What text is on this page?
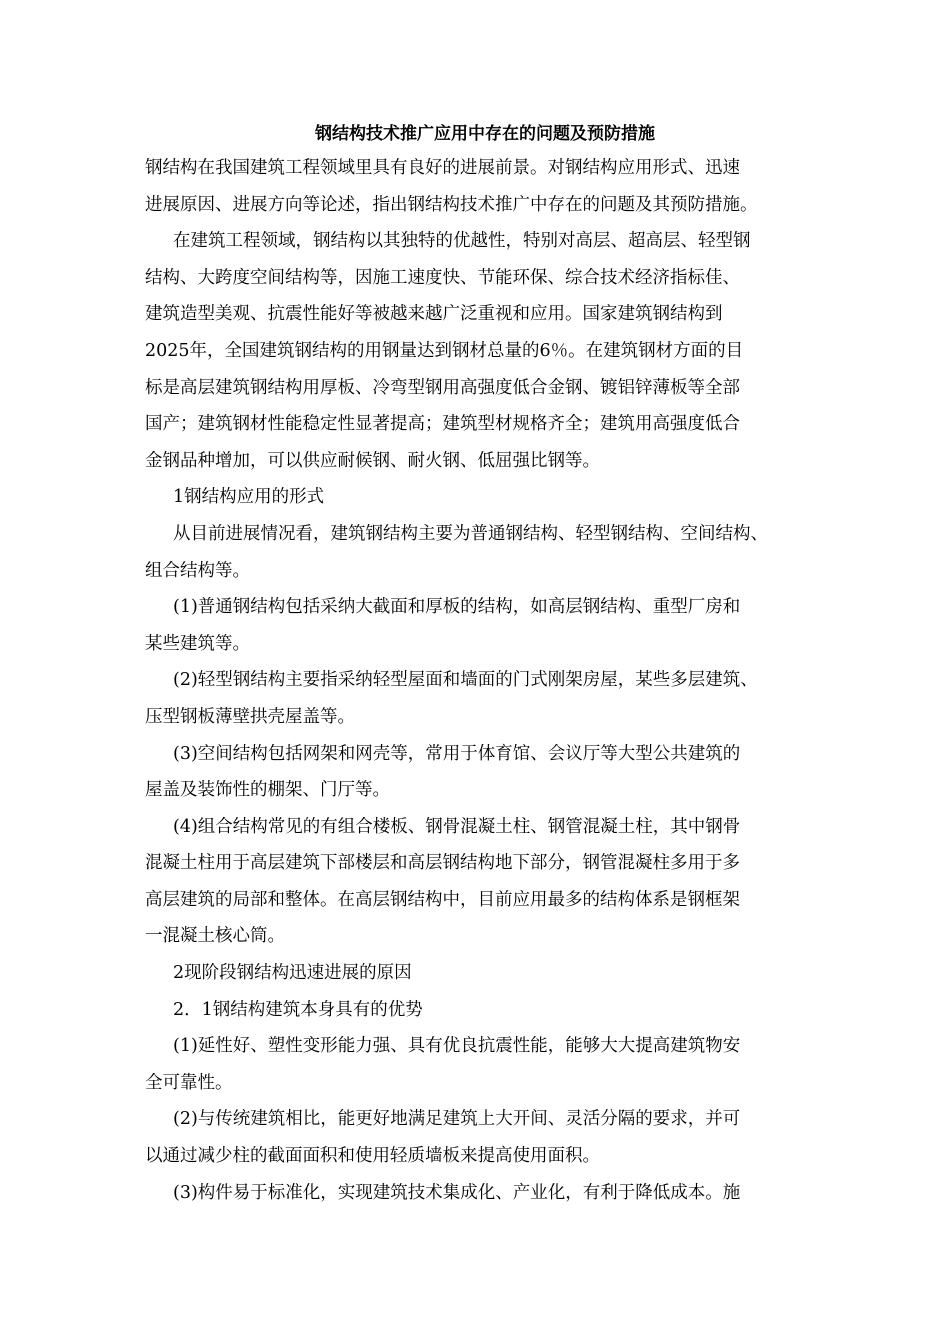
钢结构技术推广应用中存在的问题及预防措施

钢结构在我国建筑工程领域里具有良好的进展前景。对钢结构应用形式、迅速

进展原因、进展方向等论述，指出钢结构技术推广中存在的问题及其预防措施。

在建筑工程领域，钢结构以其独特的优越性，特别对高层、超高层、轻型钢

结构、大跨度空间结构等，因施工速度快、节能环保、综合技术经济指标佳、

建筑造型美观、抗震性能好等被越来越广泛重视和应用。国家建筑钢结构到

2025年，全国建筑钢结构的用钢量达到钢材总量的6％。在建筑钢材方面的目

标是高层建筑钢结构用厚板、冷弯型钢用高强度低合金钢、镀铝锌薄板等全部

国产；建筑钢材性能稳定性显著提高；建筑型材规格齐全；建筑用高强度低合

金钢品种增加，可以供应耐候钢、耐火钢、低屈强比钢等。

1钢结构应用的形式

从目前进展情况看，建筑钢结构主要为普通钢结构、轻型钢结构、空间结构、

组合结构等。

(1)普通钢结构包括采纳大截面和厚板的结构，如高层钢结构、重型厂房和

某些建筑等。

(2)轻型钢结构主要指采纳轻型屋面和墙面的门式刚架房屋，某些多层建筑、

压型钢板薄壁拱壳屋盖等。

(3)空间结构包括网架和网壳等，常用于体育馆、会议厅等大型公共建筑的

屋盖及装饰性的棚架、门厅等。

(4)组合结构常见的有组合楼板、钢骨混凝土柱、钢管混凝土柱，其中钢骨

混凝土柱用于高层建筑下部楼层和高层钢结构地下部分，钢管混凝柱多用于多

高层建筑的局部和整体。在高层钢结构中，目前应用最多的结构体系是钢框架

一混凝土核心筒。

2现阶段钢结构迅速进展的原因

2．1钢结构建筑本身具有的优势

(1)延性好、塑性变形能力强、具有优良抗震性能，能够大大提高建筑物安

全可靠性。

(2)与传统建筑相比，能更好地满足建筑上大开间、灵活分隔的要求，并可

以通过减少柱的截面面积和使用轻质墙板来提高使用面积。

(3)构件易于标准化，实现建筑技术集成化、产业化，有利于降低成本。施
